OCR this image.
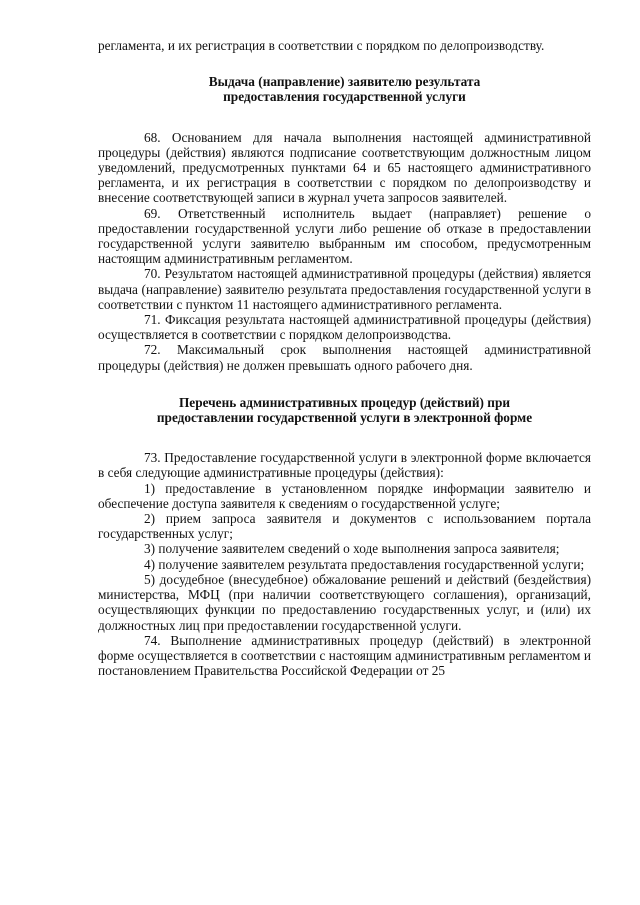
регламента, и их регистрация в соответствии с порядком по делопроизводству.

Выдача (направление) заявителю результата
предоставления государственной услуги

68. Основанием для начала выполнения настоящей административной процедуры (действия) являются подписание соответствующим должностным лицом уведомлений, предусмотренных пунктами 64 и 65 настоящего административного регламента, и их регистрация в соответствии с порядком по делопроизводству и внесение соответствующей записи в журнал учета запросов заявителей.

69. Ответственный исполнитель выдает (направляет) решение о предоставлении государственной услуги либо решение об отказе в предоставлении государственной услуги заявителю выбранным им способом, предусмотренным настоящим административным регламентом.

70. Результатом настоящей административной процедуры (действия) является выдача (направление) заявителю результата предоставления государственной услуги в соответствии с пунктом 11 настоящего административного регламента.

71. Фиксация результата настоящей административной процедуры (действия) осуществляется в соответствии с порядком делопроизводства.

72. Максимальный срок выполнения настоящей административной процедуры (действия) не должен превышать одного рабочего дня.

Перечень административных процедур (действий) при
предоставлении государственной услуги в электронной форме

73. Предоставление государственной услуги в электронной форме включается в себя следующие административные процедуры (действия):

1) предоставление в установленном порядке информации заявителю и обеспечение доступа заявителя к сведениям о государственной услуге;

2) прием запроса заявителя и документов с использованием портала государственных услуг;

3) получение заявителем сведений о ходе выполнения запроса заявителя;

4) получение заявителем результата предоставления государственной услуги;

5) досудебное (внесудебное) обжалование решений и действий (бездействия) министерства, МФЦ (при наличии соответствующего соглашения), организаций, осуществляющих функции по предоставлению государственных услуг, и (или) их должностных лиц при предоставлении государственной услуги.

74. Выполнение административных процедур (действий) в электронной форме осуществляется в соответствии с настоящим административным регламентом и постановлением Правительства Российской Федерации от 25
